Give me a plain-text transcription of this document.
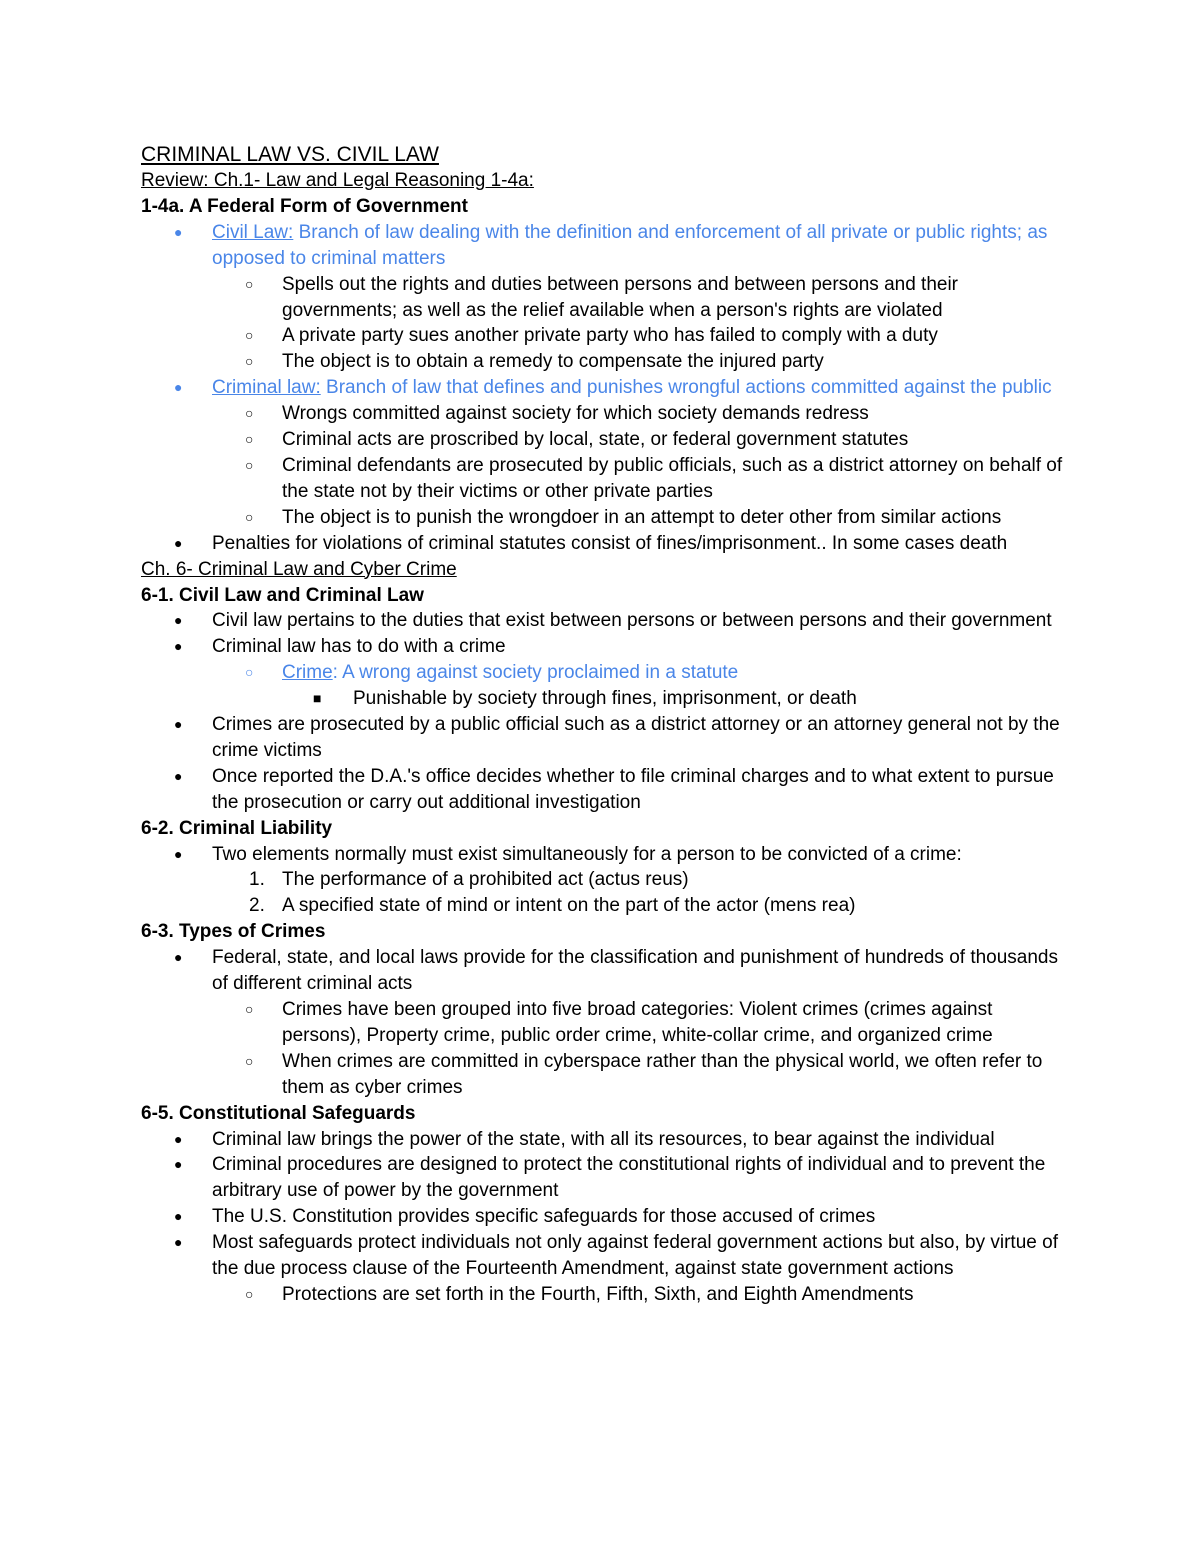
CRIMINAL LAW VS. CIVIL LAW
Review: Ch.1- Law and Legal Reasoning 1-4a:
1-4a. A Federal Form of Government
● Civil Law: Branch of law dealing with the definition and enforcement of all private or public rights; as opposed to criminal matters
○ Spells out the rights and duties between persons and between persons and their governments; as well as the relief available when a person's rights are violated
○ A private party sues another private party who has failed to comply with a duty
○ The object is to obtain a remedy to compensate the injured party
● Criminal law: Branch of law that defines and punishes wrongful actions committed against the public
○ Wrongs committed against society for which society demands redress
○ Criminal acts are proscribed by local, state, or federal government statutes
○ Criminal defendants are prosecuted by public officials, such as a district attorney on behalf of the state not by their victims or other private parties
○ The object is to punish the wrongdoer in an attempt to deter other from similar actions
● Penalties for violations of criminal statutes consist of fines/imprisonment.. In some cases death
Ch. 6- Criminal Law and Cyber Crime
6-1. Civil Law and Criminal Law
● Civil law pertains to the duties that exist between persons or between persons and their government
● Criminal law has to do with a crime
○ Crime: A wrong against society proclaimed in a statute
■ Punishable by society through fines, imprisonment, or death
● Crimes are prosecuted by a public official such as a district attorney or an attorney general not by the crime victims
● Once reported the D.A.'s office decides whether to file criminal charges and to what extent to pursue the prosecution or carry out additional investigation
6-2. Criminal Liability
● Two elements normally must exist simultaneously for a person to be convicted of a crime:
1. The performance of a prohibited act (actus reus)
2. A specified state of mind or intent on the part of the actor (mens rea)
6-3. Types of Crimes
● Federal, state, and local laws provide for the classification and punishment of hundreds of thousands of different criminal acts
○ Crimes have been grouped into five broad categories: Violent crimes (crimes against persons), Property crime, public order crime, white-collar crime, and organized crime
○ When crimes are committed in cyberspace rather than the physical world, we often refer to them as cyber crimes
6-5. Constitutional Safeguards
● Criminal law brings the power of the state, with all its resources, to bear against the individual
● Criminal procedures are designed to protect the constitutional rights of individual and to prevent the arbitrary use of power by the government
● The U.S. Constitution provides specific safeguards for those accused of crimes
● Most safeguards protect individuals not only against federal government actions but also, by virtue of the due process clause of the Fourteenth Amendment, against state government actions
○ Protections are set forth in the Fourth, Fifth, Sixth, and Eighth Amendments
